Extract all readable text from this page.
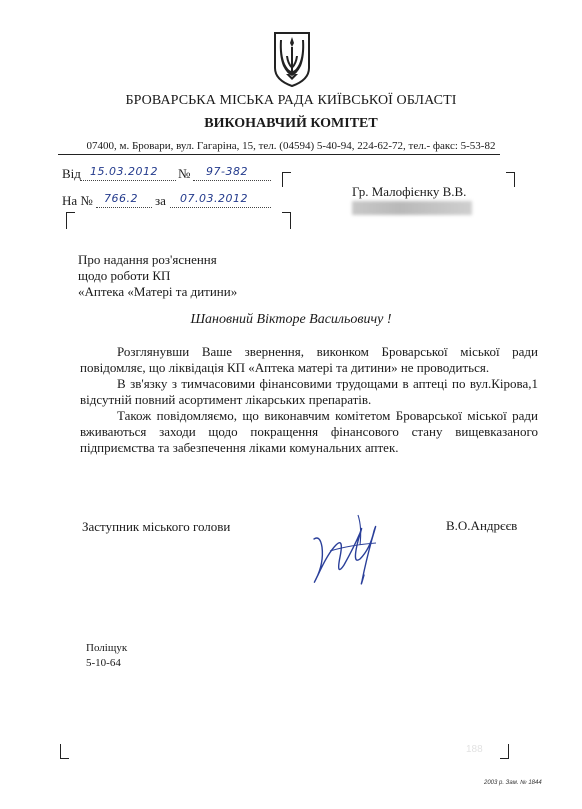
БРОВАРСЬКА МІСЬКА РАДА КИЇВСЬКОЇ ОБЛАСТІ
ВИКОНАВЧИЙ КОМІТЕТ
07400, м. Бровари, вул. Гагаріна, 15, тел. (04594) 5-40-94, 224-62-72, тел.- факс: 5-53-82
Від 15.03.2012 № 97-382
На № 766.2 за 07.03.2012	Гр. Малофієнку В.В.
Про надання роз'яснення
щодо роботи КП
«Аптека «Матері та дитини»
Шановний Вікторе Васильовичу !

Розглянувши Ваше звернення, виконком Броварської міської ради повідомляє, що ліквідація КП «Аптека матері та дитини» не проводиться.

В зв'язку з тимчасовими фінансовими трудощами в аптеці по вул.Кірова,1 відсутній повний асортимент лікарських препаратів.

Також повідомляємо, що виконавчим комітетом Броварської міської ради вживаються заходи щодо покращення фінансового стану вищевказаного підприємства та забезпечення ліками комунальних аптек.

Заступник міського голови	В.О.Андрєєв
Поліщук
5-10-64
188
2003 р. Зам. № 1844
